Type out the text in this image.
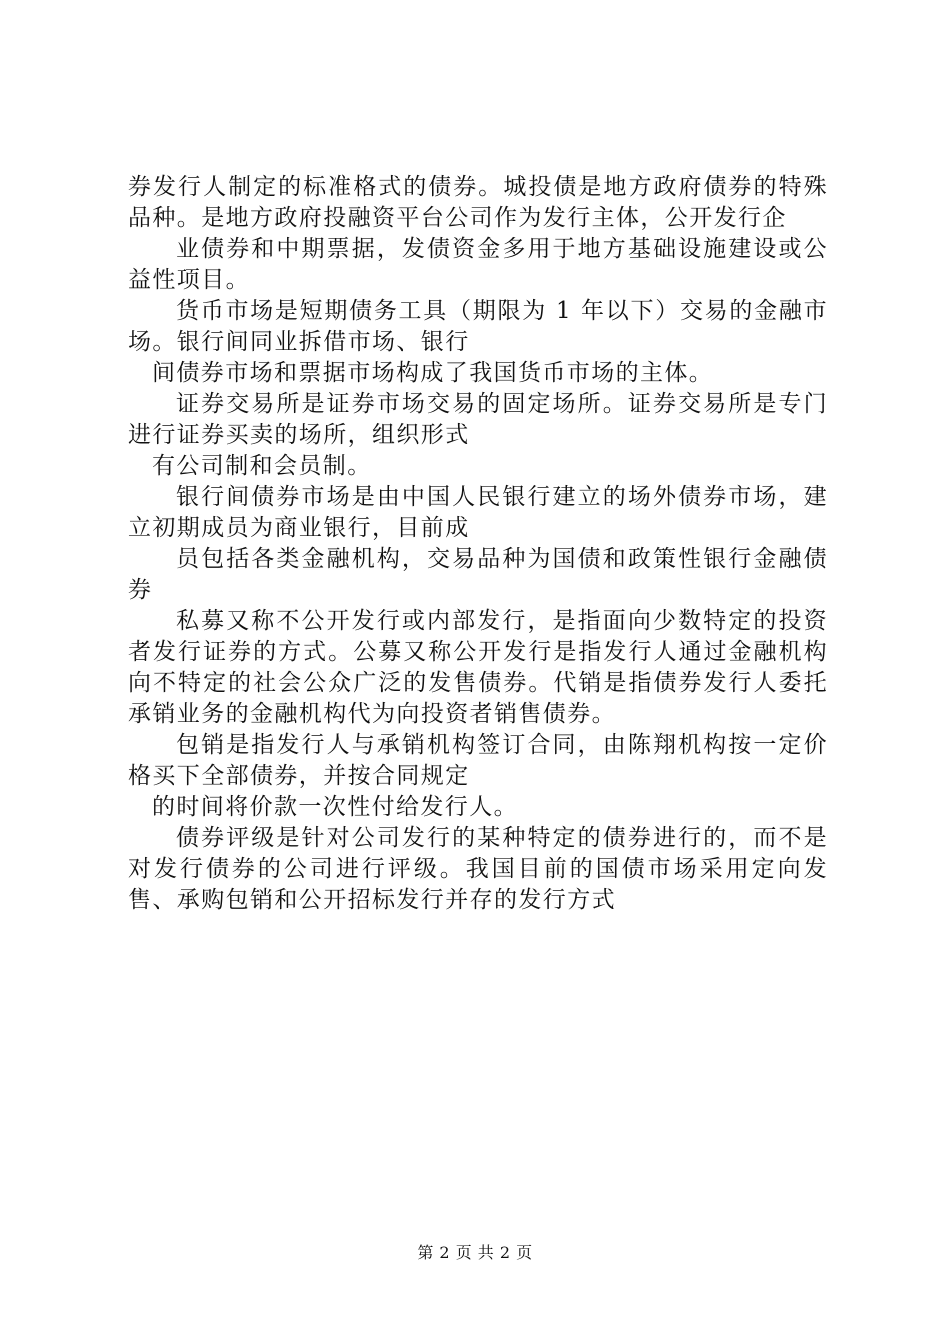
券发行人制定的标准格式的债券。城投债是地方政府债券的特殊品种。是地方政府投融资平台公司作为发行主体，公开发行企

业债券和中期票据，发债资金多用于地方基础设施建设或公益性项目。

货币市场是短期债务工具（期限为 1 年以下）交易的金融市场。银行间同业拆借市场、银行

间债券市场和票据市场构成了我国货币市场的主体。

证券交易所是证券市场交易的固定场所。证券交易所是专门进行证券买卖的场所，组织形式

有公司制和会员制。

银行间债券市场是由中国人民银行建立的场外债券市场，建立初期成员为商业银行，目前成

员包括各类金融机构，交易品种为国债和政策性银行金融债券

私募又称不公开发行或内部发行，是指面向少数特定的投资者发行证券的方式。公募又称公开发行是指发行人通过金融机构向不特定的社会公众广泛的发售债券。代销是指债券发行人委托承销业务的金融机构代为向投资者销售债券。

包销是指发行人与承销机构签订合同，由陈翔机构按一定价格买下全部债券，并按合同规定

的时间将价款一次性付给发行人。

债券评级是针对公司发行的某种特定的债券进行的，而不是对发行债券的公司进行评级。我国目前的国债市场采用定向发售、承购包销和公开招标发行并存的发行方式

第 2 页 共 2 页
